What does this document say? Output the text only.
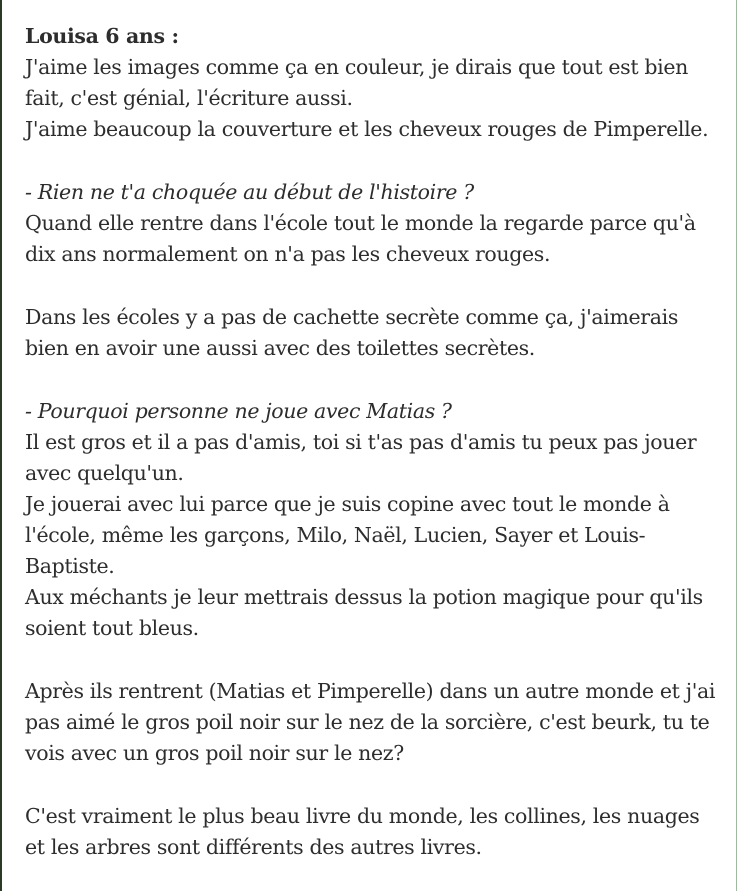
Louisa 6 ans :

J'aime les images comme ça en couleur, je dirais que tout est bien fait, c'est génial, l'écriture aussi.

J'aime beaucoup la couverture et les cheveux rouges de Pimperelle.

- Rien ne t'a choquée au début de l'histoire ?

Quand elle rentre dans l'école tout le monde la regarde parce qu'à dix ans normalement on n'a pas les cheveux rouges.

Dans les écoles y a pas de cachette secrète comme ça, j'aimerais bien en avoir une aussi avec des toilettes secrètes.

- Pourquoi personne ne joue avec Matias ?

Il est gros et il a pas d'amis, toi si t'as pas d'amis tu peux pas jouer avec quelqu'un.

Je jouerai avec lui parce que je suis copine avec tout le monde à l'école, même les garçons, Milo, Naël, Lucien, Sayer et Louis-Baptiste.

Aux méchants je leur mettrais dessus la potion magique pour qu'ils soient tout bleus.

Après ils rentrent (Matias et Pimperelle) dans un autre monde et j'ai pas aimé le gros poil noir sur le nez de la sorcière, c'est beurk, tu te vois avec un gros poil noir sur le nez?

C'est vraiment le plus beau livre du monde, les collines, les nuages et les arbres sont différents des autres livres.
